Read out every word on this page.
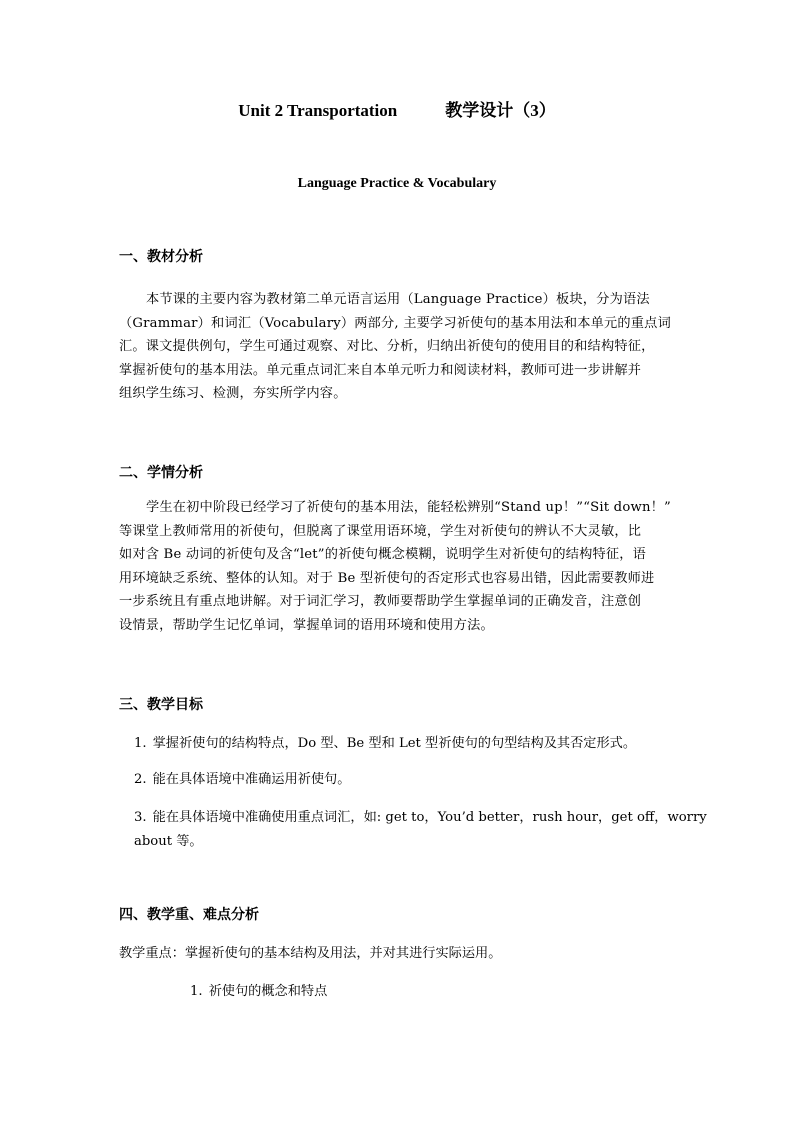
Unit 2 Transportation	教学设计（3）
Language Practice & Vocabulary
一、教材分析
本节课的主要内容为教材第二单元语言运用（Language Practice）板块，分为语法
（Grammar）和词汇（Vocabulary）两部分, 主要学习祈使句的基本用法和本单元的重点词
汇。课文提供例句，学生可通过观察、对比、分析，归纳出祈使句的使用目的和结构特征，
掌握祈使句的基本用法。单元重点词汇来自本单元听力和阅读材料，教师可进一步讲解并
组织学生练习、检测，夯实所学内容。
二、学情分析
学生在初中阶段已经学习了祈使句的基本用法，能轻松辨别“Stand up！”“Sit down！”
等课堂上教师常用的祈使句，但脱离了课堂用语环境，学生对祈使句的辨认不大灵敏，比
如对含 Be 动词的祈使句及含“let”的祈使句概念模糊，说明学生对祈使句的结构特征，语
用环境缺乏系统、整体的认知。对于 Be 型祈使句的否定形式也容易出错，因此需要教师进
一步系统且有重点地讲解。对于词汇学习，教师要帮助学生掌握单词的正确发音，注意创
设情景，帮助学生记忆单词，掌握单词的语用环境和使用方法。
三、教学目标
1. 掌握祈使句的结构特点，Do 型、Be 型和 Let 型祈使句的句型结构及其否定形式。
2. 能在具体语境中准确运用祈使句。
3. 能在具体语境中准确使用重点词汇，如: get to，You’d better，rush hour，get off，worry
about 等。
四、教学重、难点分析
教学重点：掌握祈使句的基本结构及用法，并对其进行实际运用。
1. 祈使句的概念和特点
